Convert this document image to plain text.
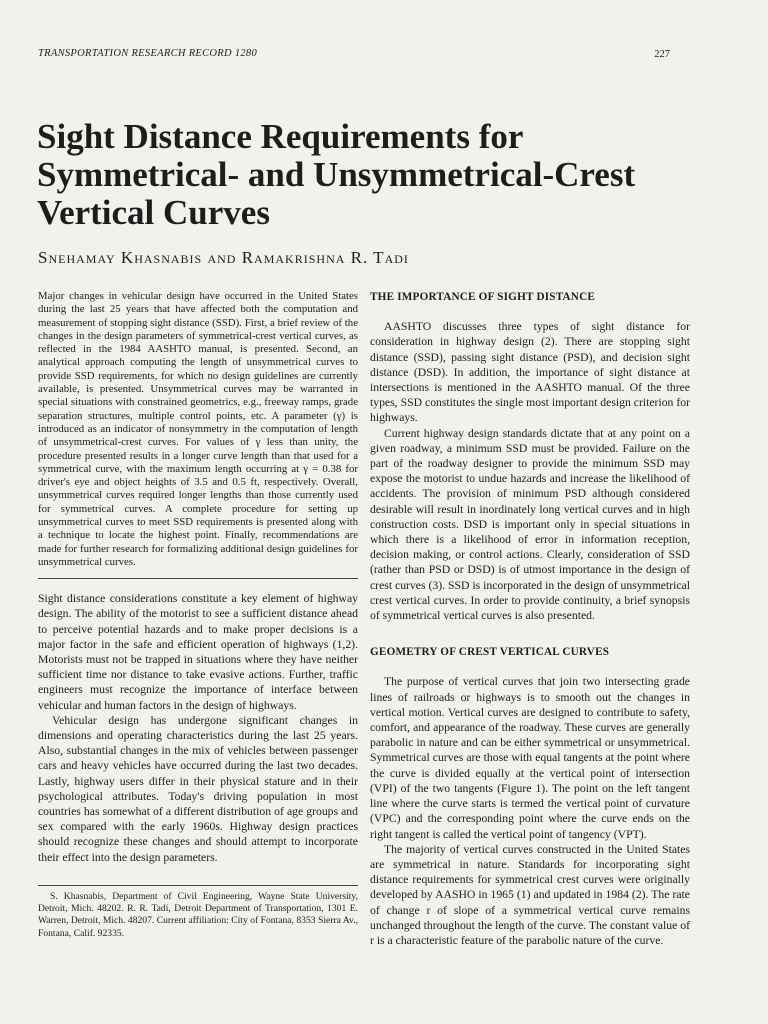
TRANSPORTATION RESEARCH RECORD 1280	227
Sight Distance Requirements for Symmetrical- and Unsymmetrical-Crest Vertical Curves
Snehamay Khasnabis and Ramakrishna R. Tadi

Major changes in vehicular design have occurred in the United States during the last 25 years that have affected both the computation and measurement of stopping sight distance (SSD). First, a brief review of the changes in the design parameters of symmetrical-crest vertical curves, as reflected in the 1984 AASHTO manual, is presented. Second, an analytical approach computing the length of unsymmetrical curves to provide SSD requirements, for which no design guidelines are currently available, is presented. Unsymmetrical curves may be warranted in special situations with constrained geometrics, e.g., freeway ramps, grade separation structures, multiple control points, etc. A parameter (γ) is introduced as an indicator of nonsymmetry in the computation of length of unsymmetrical-crest curves. For values of γ less than unity, the procedure presented results in a longer curve length than that used for a symmetrical curve, with the maximum length occurring at γ = 0.38 for driver's eye and object heights of 3.5 and 0.5 ft, respectively. Overall, unsymmetrical curves required longer lengths than those currently used for symmetrical curves. A complete procedure for setting up unsymmetrical curves to meet SSD requirements is presented along with a technique to locate the highest point. Finally, recommendations are made for further research for formalizing additional design guidelines for unsymmetrical curves.

Sight distance considerations constitute a key element of highway design. The ability of the motorist to see a sufficient distance ahead to perceive potential hazards and to make proper decisions is a major factor in the safe and efficient operation of highways (1,2). Motorists must not be trapped in situations where they have neither sufficient time nor distance to take evasive actions. Further, traffic engineers must recognize the importance of interface between vehicular and human factors in the design of highways.

Vehicular design has undergone significant changes in dimensions and operating characteristics during the last 25 years. Also, substantial changes in the mix of vehicles between passenger cars and heavy vehicles have occurred during the last two decades. Lastly, highway users differ in their physical stature and in their psychological attributes. Today's driving population in most countries has somewhat of a different distribution of age groups and sex compared with the early 1960s. Highway design practices should recognize these changes and should attempt to incorporate their effect into the design parameters.

S. Khasnabis, Department of Civil Engineering, Wayne State University, Detroit, Mich. 48202. R. R. Tadi, Detroit Department of Transportation, 1301 E. Warren, Detroit, Mich. 48207. Current affiliation: City of Fontana, 8353 Sierra Av., Fontana, Calif. 92335.

THE IMPORTANCE OF SIGHT DISTANCE

AASHTO discusses three types of sight distance for consideration in highway design (2). There are stopping sight distance (SSD), passing sight distance (PSD), and decision sight distance (DSD). In addition, the importance of sight distance at intersections is mentioned in the AASHTO manual. Of the three types, SSD constitutes the single most important design criterion for highways.

Current highway design standards dictate that at any point on a given roadway, a minimum SSD must be provided. Failure on the part of the roadway designer to provide the minimum SSD may expose the motorist to undue hazards and increase the likelihood of accidents. The provision of minimum PSD although considered desirable will result in inordinately long vertical curves and in high construction costs. DSD is important only in special situations in which there is a likelihood of error in information reception, decision making, or control actions. Clearly, consideration of SSD (rather than PSD or DSD) is of utmost importance in the design of crest curves (3). SSD is incorporated in the design of unsymmetrical crest vertical curves. In order to provide continuity, a brief synopsis of symmetrical vertical curves is also presented.

GEOMETRY OF CREST VERTICAL CURVES

The purpose of vertical curves that join two intersecting grade lines of railroads or highways is to smooth out the changes in vertical motion. Vertical curves are designed to contribute to safety, comfort, and appearance of the roadway. These curves are generally parabolic in nature and can be either symmetrical or unsymmetrical. Symmetrical curves are those with equal tangents at the point where the curve is divided equally at the vertical point of intersection (VPI) of the two tangents (Figure 1). The point on the left tangent line where the curve starts is termed the vertical point of curvature (VPC) and the corresponding point where the curve ends on the right tangent is called the vertical point of tangency (VPT).

The majority of vertical curves constructed in the United States are symmetrical in nature. Standards for incorporating sight distance requirements for symmetrical crest curves were originally developed by AASHO in 1965 (1) and updated in 1984 (2). The rate of change r of slope of a symmetrical vertical curve remains unchanged throughout the length of the curve. The constant value of r is a characteristic feature of the parabolic nature of the curve.
